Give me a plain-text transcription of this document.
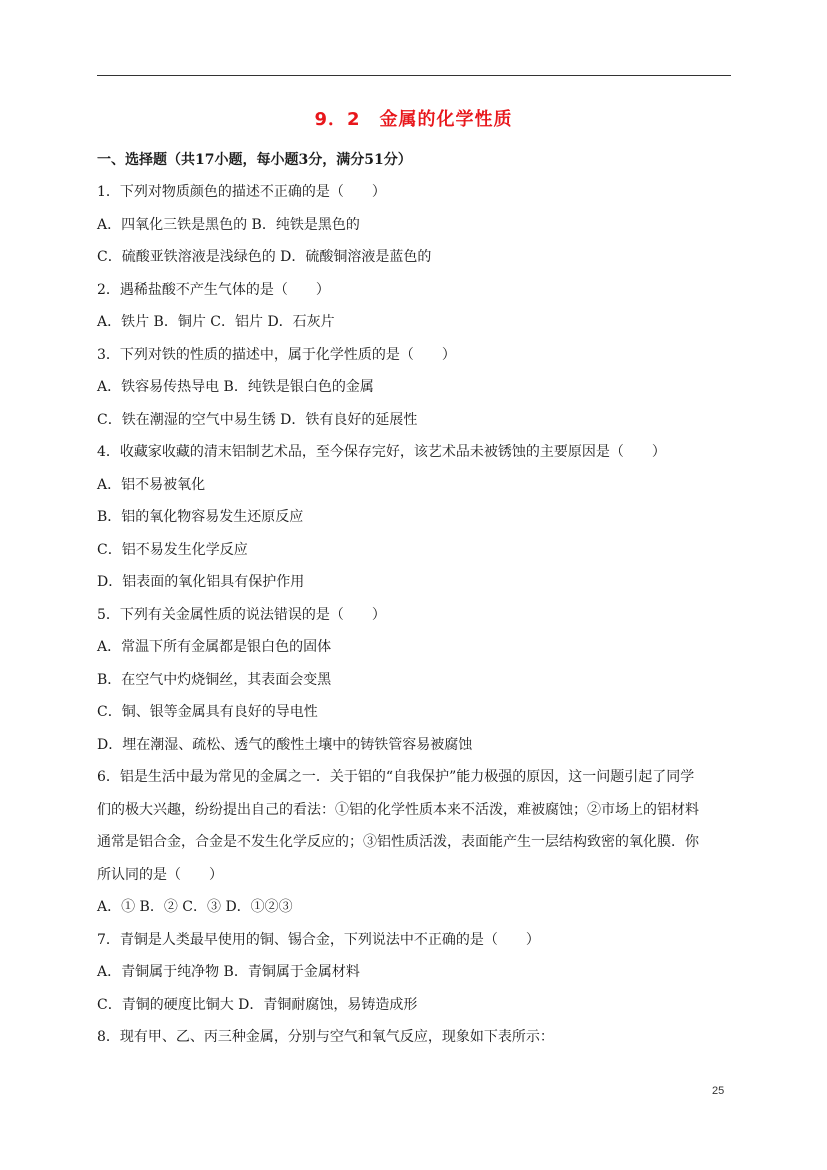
9．2　金属的化学性质
一、选择题（共17小题，每小题3分，满分51分）
1．下列对物质颜色的描述不正确的是（　　）
A．四氧化三铁是黑色的 B．纯铁是黑色的
C．硫酸亚铁溶液是浅绿色的 D．硫酸铜溶液是蓝色的
2．遇稀盐酸不产生气体的是（　　）
A．铁片 B．铜片 C．铝片 D．石灰片
3．下列对铁的性质的描述中，属于化学性质的是（　　）
A．铁容易传热导电 B．纯铁是银白色的金属
C．铁在潮湿的空气中易生锈 D．铁有良好的延展性
4．收藏家收藏的清末铝制艺术品，至今保存完好，该艺术品未被锈蚀的主要原因是（　　）
A．铝不易被氧化
B．铝的氧化物容易发生还原反应
C．铝不易发生化学反应
D．铝表面的氧化铝具有保护作用
5．下列有关金属性质的说法错误的是（　　）
A．常温下所有金属都是银白色的固体
B．在空气中灼烧铜丝，其表面会变黑
C．铜、银等金属具有良好的导电性
D．埋在潮湿、疏松、透气的酸性土壤中的铸铁管容易被腐蚀
6．铝是生活中最为常见的金属之一．关于铝的“自我保护”能力极强的原因，这一问题引起了同学
们的极大兴趣，纷纷提出自己的看法：①铝的化学性质本来不活泼，难被腐蚀；②市场上的铝材料
通常是铝合金，合金是不发生化学反应的；③铝性质活泼，表面能产生一层结构致密的氧化膜．你
所认同的是（　　）
A．① B．② C．③ D．①②③
7．青铜是人类最早使用的铜、锡合金，下列说法中不正确的是（　　）
A．青铜属于纯净物 B．青铜属于金属材料
C．青铜的硬度比铜大 D．青铜耐腐蚀，易铸造成形
8．现有甲、乙、丙三种金属，分别与空气和氧气反应，现象如下表所示：
25
